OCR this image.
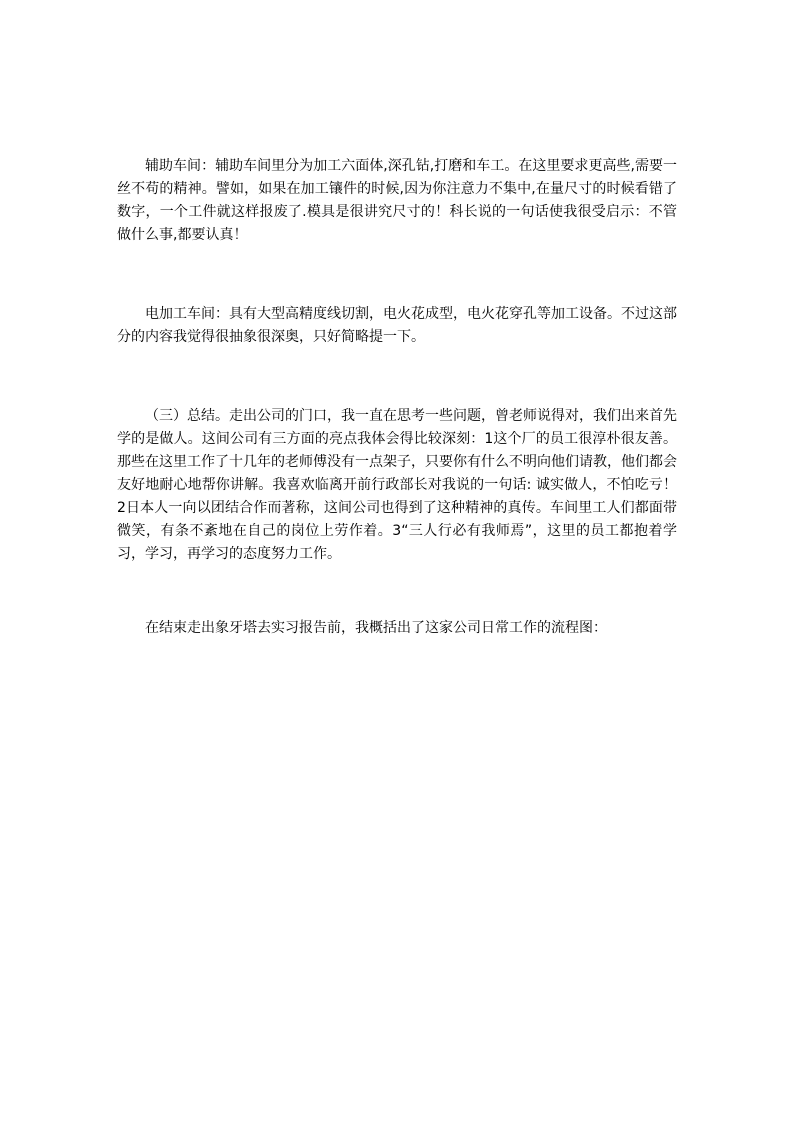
辅助车间：辅助车间里分为加工六面体,深孔钻,打磨和车工。在这里要求更高些,需要一丝不苟的精神。譬如，如果在加工镶件的时候,因为你注意力不集中,在量尺寸的时候看错了数字，一个工件就这样报废了.模具是很讲究尺寸的！科长说的一句话使我很受启示：不管做什么事,都要认真！

电加工车间：具有大型高精度线切割，电火花成型，电火花穿孔等加工设备。不过这部分的内容我觉得很抽象很深奥，只好简略提一下。

（三）总结。走出公司的门口，我一直在思考一些问题，曾老师说得对，我们出来首先学的是做人。这间公司有三方面的亮点我体会得比较深刻：1这个厂的员工很淳朴很友善。那些在这里工作了十几年的老师傅没有一点架子，只要你有什么不明向他们请教，他们都会友好地耐心地帮你讲解。我喜欢临离开前行政部长对我说的一句话: 诚实做人，不怕吃亏！2日本人一向以团结合作而著称，这间公司也得到了这种精神的真传。车间里工人们都面带微笑，有条不紊地在自己的岗位上劳作着。3“三人行必有我师焉”，这里的员工都抱着学习，学习，再学习的态度努力工作。

在结束走出象牙塔去实习报告前，我概括出了这家公司日常工作的流程图：
